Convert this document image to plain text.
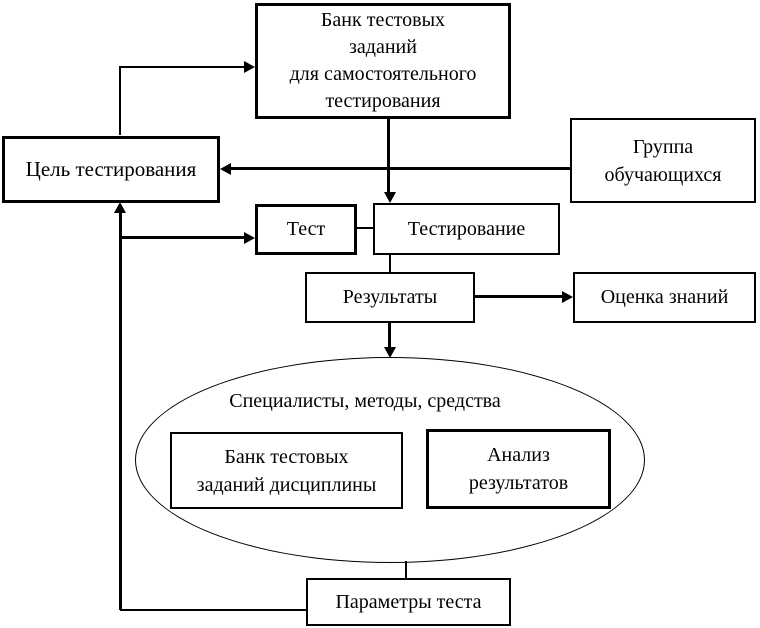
Специалисты, методы, средства
Банк тестовых
заданий
для самостоятельного
тестирования
Цель тестирования
Группа
обучающихся
Тест	Тестирование
Результаты	Оценка знаний
Банк тестовых
заданий дисциплины
Анализ
результатов
Параметры теста
